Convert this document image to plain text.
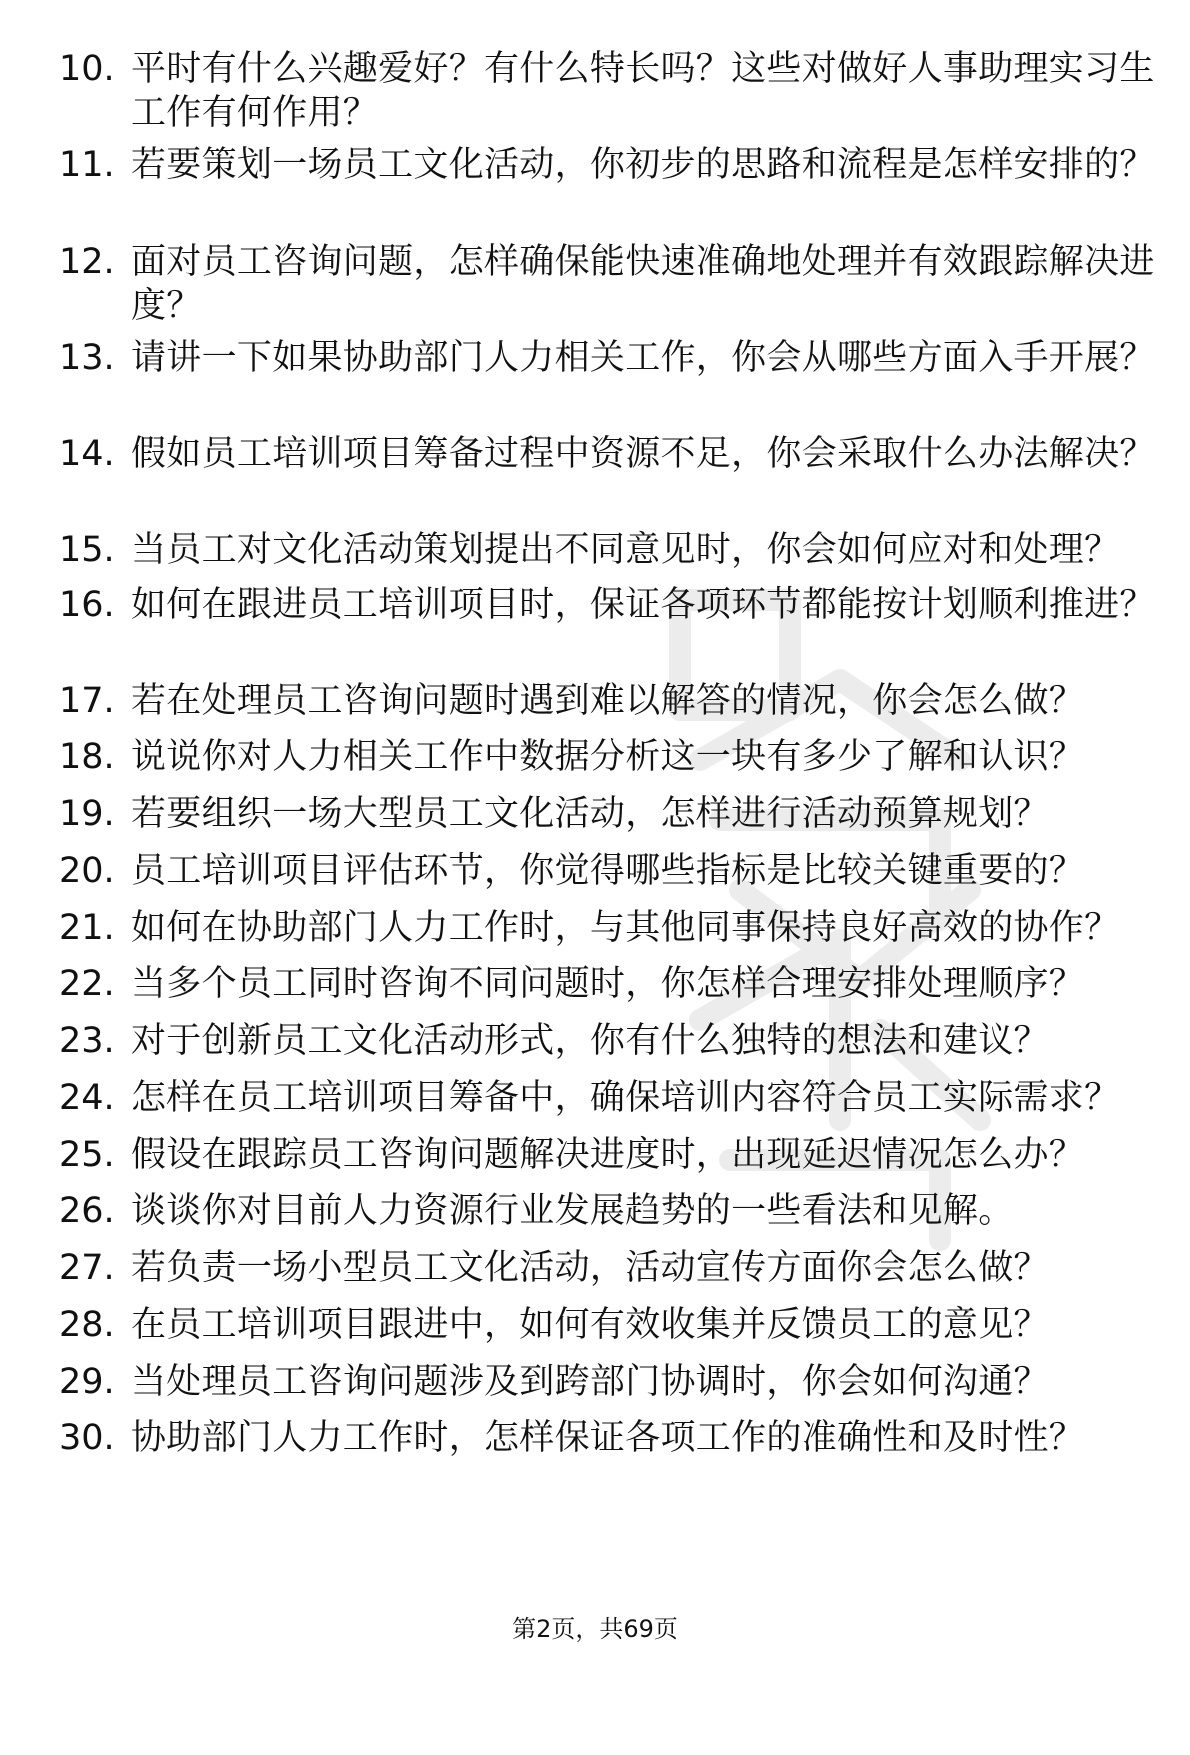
10. 平时有什么兴趣爱好？有什么特长吗？这些对做好人事助理实习生工作有何作用？
11. 若要策划一场员工文化活动，你初步的思路和流程是怎样安排的？
12. 面对员工咨询问题，怎样确保能快速准确地处理并有效跟踪解决进度？
13. 请讲一下如果协助部门人力相关工作，你会从哪些方面入手开展？
14. 假如员工培训项目筹备过程中资源不足，你会采取什么办法解决？
15. 当员工对文化活动策划提出不同意见时，你会如何应对和处理？
16. 如何在跟进员工培训项目时，保证各项环节都能按计划顺利推进？
17. 若在处理员工咨询问题时遇到难以解答的情况，你会怎么做？
18. 说说你对人力相关工作中数据分析这一块有多少了解和认识？
19. 若要组织一场大型员工文化活动，怎样进行活动预算规划？
20. 员工培训项目评估环节，你觉得哪些指标是比较关键重要的？
21. 如何在协助部门人力工作时，与其他同事保持良好高效的协作？
22. 当多个员工同时咨询不同问题时，你怎样合理安排处理顺序？
23. 对于创新员工文化活动形式，你有什么独特的想法和建议？
24. 怎样在员工培训项目筹备中，确保培训内容符合员工实际需求？
25. 假设在跟踪员工咨询问题解决进度时，出现延迟情况怎么办？
26. 谈谈你对目前人力资源行业发展趋势的一些看法和见解。
27. 若负责一场小型员工文化活动，活动宣传方面你会怎么做？
28. 在员工培训项目跟进中，如何有效收集并反馈员工的意见？
29. 当处理员工咨询问题涉及到跨部门协调时，你会如何沟通？
30. 协助部门人力工作时，怎样保证各项工作的准确性和及时性？
第2页，共69页
